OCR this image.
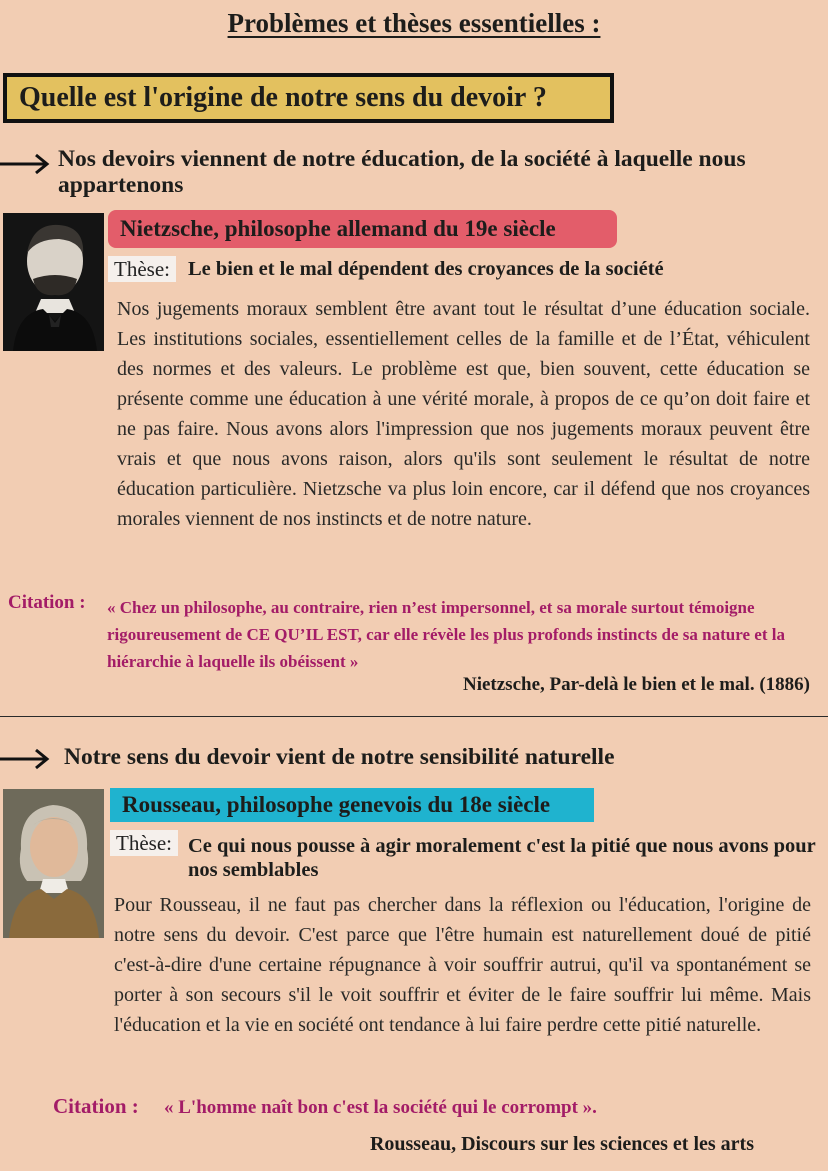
Problèmes et thèses essentielles :
Quelle est l'origine de notre sens du devoir ?
Nos devoirs viennent de notre éducation, de la société à laquelle nous appartenons
Nietzsche, philosophe allemand du 19e siècle
Thèse: Le bien et le mal dépendent des croyances de la société
Nos jugements moraux semblent être avant tout le résultat d’une éducation sociale. Les institutions sociales, essentiellement celles de la famille et de l’État, véhiculent des normes et des valeurs. Le problème est que, bien souvent, cette éducation se présente comme une éducation à une vérité morale, à propos de ce qu’on doit faire et ne pas faire. Nous avons alors l'impression que nos jugements moraux peuvent être vrais et que nous avons raison, alors qu'ils sont seulement le résultat de notre éducation particulière. Nietzsche va plus loin encore, car il défend que nos croyances morales viennent de nos instincts et de notre nature.
Citation : « Chez un philosophe, au contraire, rien n’est impersonnel, et sa morale surtout témoigne rigoureusement de CE QU’IL EST, car elle révèle les plus profonds instincts de sa nature et la hiérarchie à laquelle ils obéissent »
Nietzsche, Par-delà le bien et le mal. (1886)
Notre sens du devoir vient de notre sensibilité naturelle
Rousseau, philosophe genevois du 18e siècle
Thèse: Ce qui nous pousse à agir moralement c'est la pitié que nous avons pour nos semblables
Pour Rousseau, il ne faut pas chercher dans la réflexion ou l'éducation, l'origine de notre sens du devoir. C'est parce que l'être humain est naturellement doué de pitié c'est-à-dire d'une certaine répugnance à voir souffrir autrui, qu'il va spontanément se porter à son secours s'il le voit souffrir et éviter de le faire souffrir lui même. Mais l'éducation et la vie en société ont tendance à lui faire perdre cette pitié naturelle.
Citation : « L'homme naît bon c'est la société qui le corrompt ».
Rousseau, Discours sur les sciences et les arts
